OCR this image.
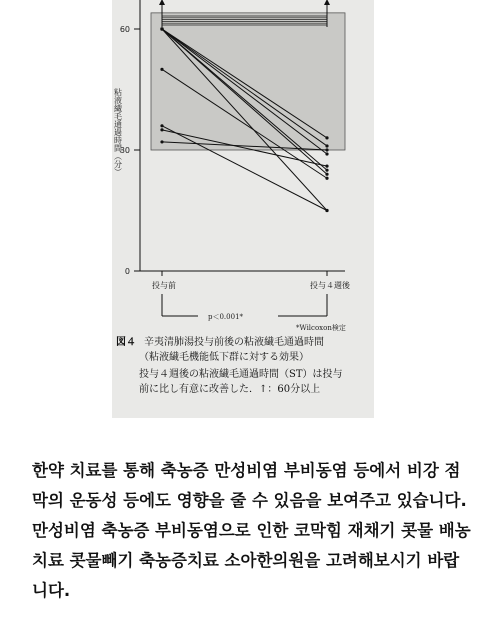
0
30
60
粘液繊毛通過時間（分）
投与前	投与４週後
p＜0.001*
*Wilcoxon検定
図４ 辛夷清肺湯投与前後の粘液繊毛通過時間
（粘液繊毛機能低下群に対する効果）
投与４週後の粘液繊毛通過時間（ST）は投与
前に比し有意に改善した．↑：60分以上

한약 치료를 통해 축농증 만성비염 부비동염 등에서 비강 점막의 운동성 등에도 영향을 줄 수 있음을 보여주고 있습니다. 만성비염 축농증 부비동염으로 인한 코막힘 재채기 콧물 배농치료 콧물빼기 축농증치료 소아한의원을 고려해보시기 바랍니다.
